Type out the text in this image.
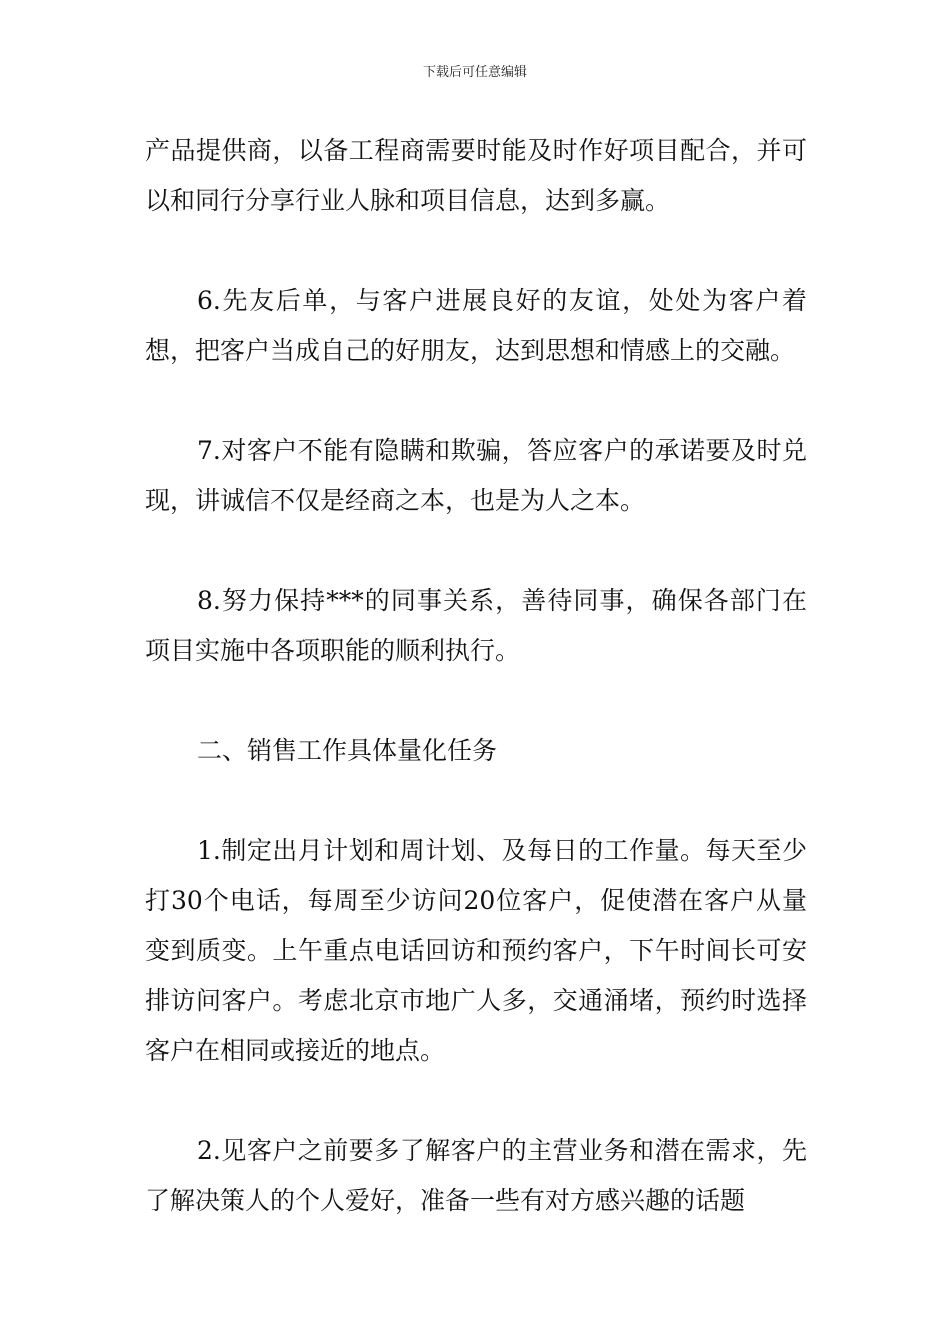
下载后可任意编辑

产品提供商，以备工程商需要时能及时作好项目配合，并可以和同行分享行业人脉和项目信息，达到多赢。

6.先友后单，与客户进展良好的友谊，处处为客户着想，把客户当成自己的好朋友，达到思想和情感上的交融。

7.对客户不能有隐瞒和欺骗，答应客户的承诺要及时兑现，讲诚信不仅是经商之本，也是为人之本。

8.努力保持***的同事关系，善待同事，确保各部门在项目实施中各项职能的顺利执行。

二、销售工作具体量化任务

1.制定出月计划和周计划、及每日的工作量。每天至少打30个电话，每周至少访问20位客户，促使潜在客户从量变到质变。上午重点电话回访和预约客户，下午时间长可安排访问客户。考虑北京市地广人多，交通涌堵，预约时选择客户在相同或接近的地点。

2.见客户之前要多了解客户的主营业务和潜在需求，先了解决策人的个人爱好，准备一些有对方感兴趣的话题
